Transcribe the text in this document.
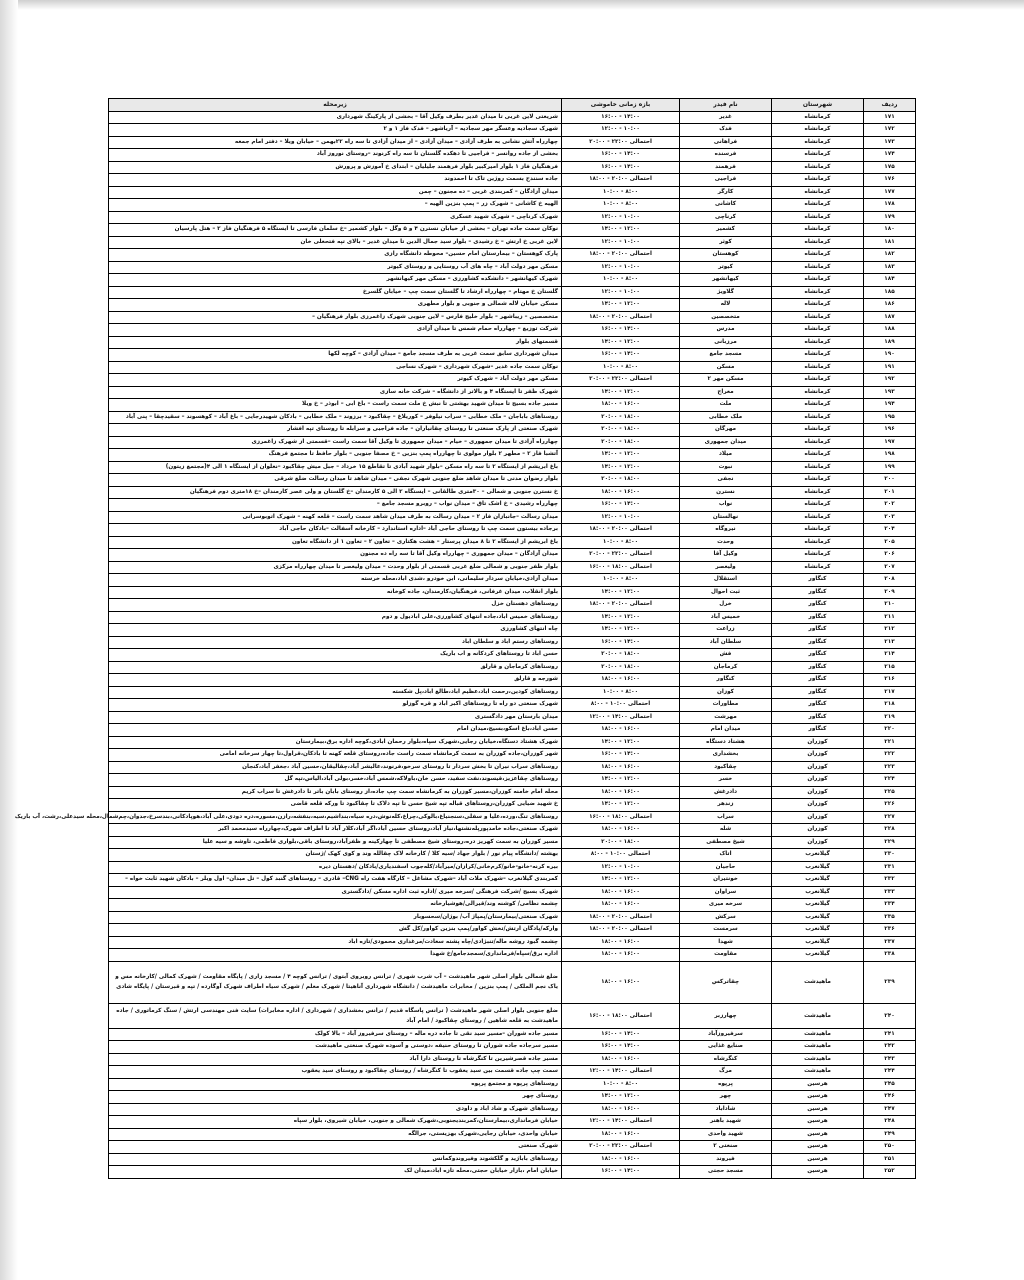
ردیف	شهرستان	نام فیدر	بازه زمانی خاموشی	زیرمحله
۱۷۱	کرمانشاه	غدیر	۱۴:۰۰ - ۱۶:۰۰	شریعتی لاین غربی تا میدان غدیر بطرف وکیل آقا – بخشی از پارکینگ شهرداری
۱۷۲	کرمانشاه	فدک	۱۰:۰۰ - ۱۲:۰۰	شهرک سجادیه وعسگر مهر سجادیه – آریاشهر – فدک فاز ۱ و ۲
۱۷۳	کرمانشاه	فراهانی	احتمالی ۲۲:۰۰ - ۲۰:۰۰	چهارراه آتش نشانی به طرف آزادی – میدان آزادی – از میدان آزادی تا سه راه ۲۲بهمن – خیابان ویلا – دفتر امام جمعه
۱۷۴	کرمانشاه	فرسنده	۱۴:۰۰ - ۱۶:۰۰	بخشی از جاده روانسر – فراجیی تا دهکده گلستان تا سه راه کرنوند –روستای نوروز آباد
۱۷۵	کرمانشاه	فرهمند	۱۴:۰۰ - ۱۶:۰۰	فرهنگیان فاز ۱ بلوار امیرکبیر بلوار فرهمند جلیلیان – ابتدای خ آموزش و پرورش
۱۷۶	کرمانشاه	فراجیی	احتمالی ۲۰:۰۰ - ۱۸:۰۰	جاده سنندج بسمت روژین تاک تا احمدوند
۱۷۷	کرمانشاه	کارگر	۸:۰۰ - ۱۰:۰۰	میدان آزادگان – کمربندی غربی – ده مجنون – چمن
۱۷۸	کرمانشاه	کاشانی	۸:۰۰ - ۱۰:۰۰	الهیه خ کاشانی – شهرک زر – پمپ بنزین الهیه –
۱۷۹	کرمانشاه	کرناچی	۱۰:۰۰ - ۱۲:۰۰	شهرک کرناچی – شهرک شهید عسکری
۱۸۰	کرمانشاه	کشمیر	۱۲:۰۰ - ۱۴:۰۰	نوکان سمت جاده تهران – بخشی از خیابان نسترن ۴ و ۵ وگل – بلوار کشمیر –خ سلمان فارسی تا ایستگاه ۵ فرهنگیان فاز ۲ – هتل پارسیان
۱۸۱	کرمانشاه	کوثر	۱۰:۰۰ - ۱۲:۰۰	لاین غربی خ ارتش – خ رشیدی – بلوار سید جمال الدین تا میدان غدیر – بالای تپه فتحعلی خان
۱۸۲	کرمانشاه	کوهستان	احتمالی ۲۰:۰۰ - ۱۸:۰۰	پارک کوهستان – بیمارستان امام حسین– محوطه دانشگاه رازی
۱۸۳	کرمانشاه	کیوتر	۱۰:۰۰ - ۱۲:۰۰	مسکن مهر دولت آباد – چاه های آب روستایی و روستای کیوتر
۱۸۴	کرمانشاه	کیهانشهر	۸:۰۰ - ۱۰:۰۰	شهرک کیهانشهر – دانشکده کشاورزی – مسکن مهر کیهانشهر
۱۸۵	کرمانشاه	گلاویژ	۱۰:۰۰ - ۱۲:۰۰	گلستان خ مهتام – چهارراه ارشاد تا گلستان سمت چپ – خیابان گلسرخ
۱۸۶	کرمانشاه	لاله	۱۲:۰۰ - ۱۴:۰۰	مسکن خیابان لاله شمالی و جنوبی و بلوار مطهری
۱۸۷	کرمانشاه	متخصصین	احتمالی ۲۰:۰۰ - ۱۸:۰۰	متخصصین – زیباشهر – بلوار خلیج فارس – لاین جنوبی شهرک زاغمرزی بلوار فرهنگیان –
۱۸۸	کرمانشاه	مدرس	۱۴:۰۰ - ۱۶:۰۰	شرکت توزیع – چهارراه حمام شمس تا میدان آزادی
۱۸۹	کرمانشاه	مرزبانی	۱۲:۰۰ - ۱۴:۰۰	قسمتهای بلوار
۱۹۰	کرمانشاه	مسجد جامع	۱۴:۰۰ - ۱۶:۰۰	میدان شهرداری سابق سمت غربی به طرف مسجد جامع – میدان آزادی – کوچه لکها
۱۹۱	کرمانشاه	مسکن	۸:۰۰ - ۱۰:۰۰	نوکان سمت جاده غدیر –شهرک شهرداری – شهرک نساجی
۱۹۲	کرمانشاه	مسکن مهر ۲	احتمالی ۲۲:۰۰ - ۲۰:۰۰	مسکن مهر دولت آباد – شهرک کیوتر
۱۹۳	کرمانشاه	معراج	۱۲:۰۰ - ۱۴:۰۰	شهرک ظفر تا ایستگاه ۴ و بالاتر از دانشگاه – شرکت خانه سازی
۱۹۴	کرمانشاه	ملت	۱۶:۰۰ - ۱۸:۰۰	مسیر جاده بسیج تا میدان شهید بهشتی تا نبش خ ملت سمت راست – باغ ابی – ابوذر – خ ویلا
۱۹۵	کرمانشاه	ملک خطابی	۱۸:۰۰ - ۲۰:۰۰	روستاهای باباجان – ملک خطابی – سراب نیلوفر – کوریلاغ – چقاکبود – برزوند – ملک خطابی – بادکان شهیدرجایی – باغ آباد – کوهسوند – سقیدچقا – پنی آباد
۱۹۶	کرمانشاه	مهرگان	۱۸:۰۰ - ۲۰:۰۰	شهرک صنعتی از پارک صنعتی تا روستای چقانیاران – جاده فراجیی و سرابله تا روستای تپه افشار
۱۹۷	کرمانشاه	میدان جمهوری	۱۸:۰۰ - ۲۰:۰۰	چهارراه آزادی تا میدان جمهوری – خیام – میدان جمهوری تا وکیل آقا سمت راست –قسمتی از شهرک زاغمرزی
۱۹۸	کرمانشاه	میلاد	۱۲:۰۰ - ۱۴:۰۰	آتشبا فاز ۲ – مطهر ۲ بلوار مولوی تا چهارراه پمپ بنزین – خ مصفا جنوبی – بلوار حافظ تا مجتمع فرهنگ
۱۹۹	کرمانشاه	نبوت	۱۲:۰۰ - ۱۴:۰۰	باغ ابریشم از ایستگاه ۲ تا سه راه مسکن –بلوار شهید آبادی تا تقاطع ۱۵ خرداد – جبل میش چقاکبود –نعلوان از ایستگاه ۱ الی ۴(مجتمع زیتون)
۲۰۰	کرمانشاه	نجفی	۱۸:۰۰ - ۲۰:۰۰	بلوار رضوان مدنی تا میدان شاهد ضلع جنوبی شهرک نجفی – میدان شاهد تا میدان رسالت ضلع شرقی
۲۰۱	کرمانشاه	نسترن	۱۶:۰۰ - ۱۸:۰۰	خ نسترن جنوبی و شمالی – ۳۰متری طالقانی – ایستگاه ۲ الی ۵ کارمندان –خ گلستان و ولی عصر کارمندان –خ ۱۸متری دوم فرهنگیان
۲۰۲	کرمانشاه	نواب	۱۴:۰۰ - ۱۶:۰۰	چهارراه رشیدی – خ اشک تاق – میدان نواب – روبرو مسجد جامع –
۲۰۳	کرمانشاه	نهالستان	۱۰:۰۰ - ۱۲:۰۰	میدان رسالت –جانبازان فاز ۲ – میدان رسالت به طرف میدان شاهد سمت راست – قلعه کهنه – شهرک اتوبوسرانی
۲۰۴	کرمانشاه	نیروگاه	احتمالی ۲۰:۰۰ - ۱۸:۰۰	برجاده بیستون سمت چپ تا روستای حاجی آباد –اداره استاندارد – کارخانه آسفالت –بادکان حاجی آباد
۲۰۵	کرمانشاه	وحدت	۸:۰۰ - ۱۰:۰۰	باغ ابریشم از ایستگاه ۲ تا ۸ میدان پرستار – هشت هکتاری – تعاون ۲ – تعاون ۱ از دانشگاه تعاون
۲۰۶	کرمانشاه	وکیل آقا	احتمالی ۲۲:۰۰ - ۲۰:۰۰	میدان آزادگان – میدان جمهوری – چهارراه وکیل آقا تا سه راه ده مجنون
۲۰۷	کرمانشاه	ولیعصر	احتمالی ۱۸:۰۰ - ۱۶:۰۰	بلوار ظفر جنوبی و شمالی ضلع غربی قسمتی از بلوار وحدت – میدان ولیعصر تا میدان چهارراه مرکزی
۲۰۸	کنگاور	استقلال	۸:۰۰ - ۱۰:۰۰	میدان آزادی،خیابان سردار سلیمانی، ابن خودرو ،شدی اباد،محله خرسته
۲۰۹	کنگاور	ثبت احوال	۱۲:۰۰ - ۱۴:۰۰	بلوار انقلاب، میدان غرفانی، فرهنگیان،کارمندان، جاده کوخانه
۲۱۰	کنگاور	خرل	احتمالی ۲۰:۰۰ - ۱۸:۰۰	روستاهای دهستان خزل
۲۱۱	کنگاور	خمیس آباد	۱۲:۰۰ - ۱۴:۰۰	روستاهای خمیس اباد،جاده انتهای کشاورزی،علی ابادیول و دوم
۲۱۲	کنگاور	زراعت	۱۲:۰۰ - ۱۴:۰۰	چاه انتهای کشاورزی
۲۱۳	کنگاور	سلطان آباد	۱۴:۰۰ - ۱۶:۰۰	روستاهای رستم اباد و سلطان اباد
۲۱۴	کنگاور	فش	۱۸:۰۰ - ۲۰:۰۰	حسن اباد تا روستاهای کردکانه و اب باریک
۲۱۵	کنگاور	کرماجان	۱۸:۰۰ - ۲۰:۰۰	روستاهای کرماجان و قارلق
۲۱۶	کنگاور	کنگاور	۱۶:۰۰ - ۱۸:۰۰	شورجه و قارلق
۲۱۷	کنگاور	کوزان	۸:۰۰ - ۱۰:۰۰	روستاهای کودین،رحمت اباد،عظیم اباد،طالع اباد،پل شکسته
۲۱۸	کنگاور	مطاورات	احتمالی ۱۰:۰۰ - ۸:۰۰	شهرک صنعتی دو راه تا روستاهای اکبر اباد و قره گوزلو
۲۱۹	کنگاور	مهرشت	احتمالی ۱۴:۰۰ - ۱۲:۰۰	میدان بارستان مهر دادگستری
۲۲۰	کنگاور	میدان امام	۱۶:۰۰ - ۱۸:۰۰	حسن اباد،باغ اسکو،بسیج،میدان امام
۲۲۱	کوزران	هشتاد دستگاه	۱۲:۰۰ - ۱۴:۰۰	شهرک هشتاد دستگاه،خیابان رجایی،شهرک سپاه،بلوار رحمان ابادی،کوچه اداره برق،بیمارستان
۲۲۲	کوزران	بخشداری	۱۴:۰۰ - ۱۶:۰۰	شهر کوزران،جاده کوزران به سمت کرمانشاه سمت راست جاده،روستای قلعه کهنه تا بادکان،قراول،تا چهار سرخانه امامی
۲۲۳	کوزران	چقاکبود	۱۶:۰۰ - ۱۸:۰۰	روستاهای سراب نیران تا بخش سردار تا روستای سرخو،فرنوند،عالیشر آباد،چقالیقان،حسین آباد ،جعفر آباد،کنجان
۲۲۴	کوزران	خسر	۱۲:۰۰ - ۱۴:۰۰	روستاهای چقاعزیز،قیسوند،نفت سفید، حسن خان،باولاکه،شمس آباد،خسر،بولی آباد،الیاس،تپه گل
۲۲۵	کوزران	دادرغش	۱۶:۰۰ - ۱۸:۰۰	محله امام خامنه کوزران،مسیر کوزران به کرمانشاه سمت چپ جاده،از روستای بابان باتر تا دادرغش تا سراب کریم
۲۲۶	کوزران	زندهر	۱۲:۰۰ - ۱۴:۰۰	خ شهید ضیایی کوزران،روستاهای قباله تپه شیخ حسن تا تپه دلاک تا چقاکبود تا ورکه قلعه قاضی
۲۲۷	کوزران	سراب	احتمالی ۱۸:۰۰ - ۱۶:۰۰	روستاهای تنگ،ورده،علیا و سفلی،سنجنیاغ،بالوکی،چراغ،کله‌نوش،دره سیاه،بنداشیم،سیه،بنفشه،رازن،مسوره،دره دودی،علی آباد،هوپادکانی،بندسرخ،جدوان،چم‌شمال،محله سیدعلی،رشت، آب باریک
۲۲۸	کوزران	شله	۱۶:۰۰ - ۱۸:۰۰	شهرک صنعتی،جاده خامدپورپله‌نشتها،نیاز آباد،روستای حسین آباد،اگر آباد،کلار آباد تا اطراف شهرک،چهارراه سیدمحمد اکبر
۲۲۹	کوزران	شیخ مصطفی	۱۸:۰۰ - ۲۰:۰۰	مسیر کوزران به سمت کهریز دره،روستای شیخ مصطفی تا چهارکینه و ظفرآباد،روستای باقی،بلواری فاطمی، تاوشه و سیه علیا
۲۳۰	گیلانغرب	اتاک	احتمالی ۱۰:۰۰ - ۸:۰۰	بهشته /دانشگاه پیام نور / بلوار جهاد /سیه کلا / کارخانه لاک چقالله وند و کوی کهک /ژستان
۲۳۱	گیلانغرب	حاجیان	۱۰:۰۰ - ۱۲:۰۰	بیره کرنه-خانو-خانو/کرم‌خانی/کرازان/میرآباد/کله‌جوب اسفندیاری/بادکان /دهستان دیره
۲۳۲	گیلانغرب	خونتیران	۱۲:۰۰ - ۱۴:۰۰	کمربندی گیلانغرب –شهرک ملات آباد –شهرک مشاغل – کارگاه هفت راه CNG– قادری – روستاهای گنبد کول – تل میدان– اول ویلر – بادکان شهید ثابت خواه –
۲۳۳	گیلانغرب	سراوان	۱۶:۰۰ - ۱۸:۰۰	شهرک بسیج /شرکت فرهنگی /سرخه میری /اداره ثبت اداره مسکن /دادگستری
۲۳۴	گیلانغرب	سرخه میری	۱۶:۰۰ - ۱۸:۰۰	چشمه نظامی/ کوشنه وند/قیرالی/هوشیارخانه
۲۳۵	گیلانغرب	سرکش	احتمالی ۲۰:۰۰ - ۱۸:۰۰	شهرک صنعتی/بیمارستان/پمپاژ آب/ بوژان/سحسوبار
۲۳۶	گیلانغرب	سرمست	احتمالی ۲۰:۰۰ - ۱۸:۰۰	وارکه/پادگان ارتش/تخش کواور/پمپ بنزین کواور/کل گش
۲۳۷	گیلانغرب	شهدا	۱۶:۰۰ - ۱۸:۰۰	چشمه گبود روشه ماله/تنبژادی/چاه پشته سعادت/مرغداری محمودی/تازه اباد
۲۳۸	گیلانغرب	مقاومت	۱۶:۰۰ - ۱۸:۰۰	اداره برق/سپاه/فرمانداری/سمجدجامع/خ شهدا
۲۳۹	ماهیدشت	چقاترکس	۱۶:۰۰ - ۱۸:۰۰	ضلع شمالی بلوار اصلی شهر ماهیدشت – آب شرب شهری / ترانس روبروی آبتوی / ترانس کوچه ۴ / مسجد زاری / پایگاه مقاومت / شهرک کمالی /کارخانه مس و یاک نجم الملکی / پمپ بنزین / مخابرات ماهیدشت / دانشگاه شهرداری آناهیتا / شهرک معلم / شهرک سیاه اطراف شهرک آوگارده / تپه و قبرستان / پایگاه شادی
۲۴۰	ماهیدشت	چهارزبر	احتمالی ۱۸:۰۰ - ۱۶:۰۰	ضلع جنوبی بلوار اصلی شهر ماهیدشت ( ترانس پاسگاه قدیم / ترانس بخشداری / شهرداری / اداره مخابرات) سایت فنی مهندسی ارتش / سنگ کرماتوری / جاده ماهیدشت به قلعه شاهین / روستای چقاکبود / امام آباد
۲۴۱	ماهیدشت	سرفیروزآباد	۱۴:۰۰ - ۱۶:۰۰	مسیر جاده شوران –مسیر سید نقی تا جاده دره ماله – روستای سرفیروز آباد – بالا کولک
۲۴۲	ماهیدشت	صنایع غذایی	۱۴:۰۰ - ۱۶:۰۰	مسیر سرجاده جاده شوران تا روستای حنیفه ،دوستی و آسوده شهرک صنعتی ماهیدشت
۲۴۳	ماهیدشت	کنگرشاه	۱۶:۰۰ - ۱۸:۰۰	مسیر جاده قصرشیرین تا کنگرشاه تا روستای دارا آباد
۲۴۴	ماهیدشت	مرگ	احتمالی ۱۴:۰۰ - ۱۲:۰۰	سمت چپ جاده قسمت بین سید یعقوب تا کنگرشاه / روستای چقاکبود و روستای سید یعقوب
۲۴۵	هرسین	پرپوه	۸:۰۰ - ۱۰:۰۰	روستاهای پرپوه و مجتمع پرپوه
۲۴۶	هرسین	چهر	۱۲:۰۰ - ۱۴:۰۰	روستای چهر
۲۴۷	هرسین	شاداباد	۱۶:۰۰ - ۱۸:۰۰	روستاهای شهرک و شاد اباد و داودی
۲۴۸	هرسین	شهید باهنر	احتمالی ۱۴:۰۰ - ۱۲:۰۰	خیابان فرمانداری،بیمارستان،کمربندیجنوبی،شهرک شمالی و جنوبی، خیابان شیروی، بلوار سپاه
۲۴۹	هرسین	شهید واحدی	۱۶:۰۰ - ۱۸:۰۰	خیابان واحدی، خیابان رجایی،شهرک بهزیستی، جرالگه
۲۵۰	هرسین	صنعتی ۲	احتمالی ۲۲:۰۰ - ۲۰:۰۰	شهرک صنعتی
۲۵۱	هرسین	فیروند	۱۶:۰۰ - ۱۸:۰۰	روستاهای باباژید و گلکشوند وفیروندوکمانس
۲۵۲	هرسین	مسجد حجتی	۱۴:۰۰ - ۱۶:۰۰	خیابان امام ،بازار خیابان حجتی،محله تازه اباد،میدان لک
